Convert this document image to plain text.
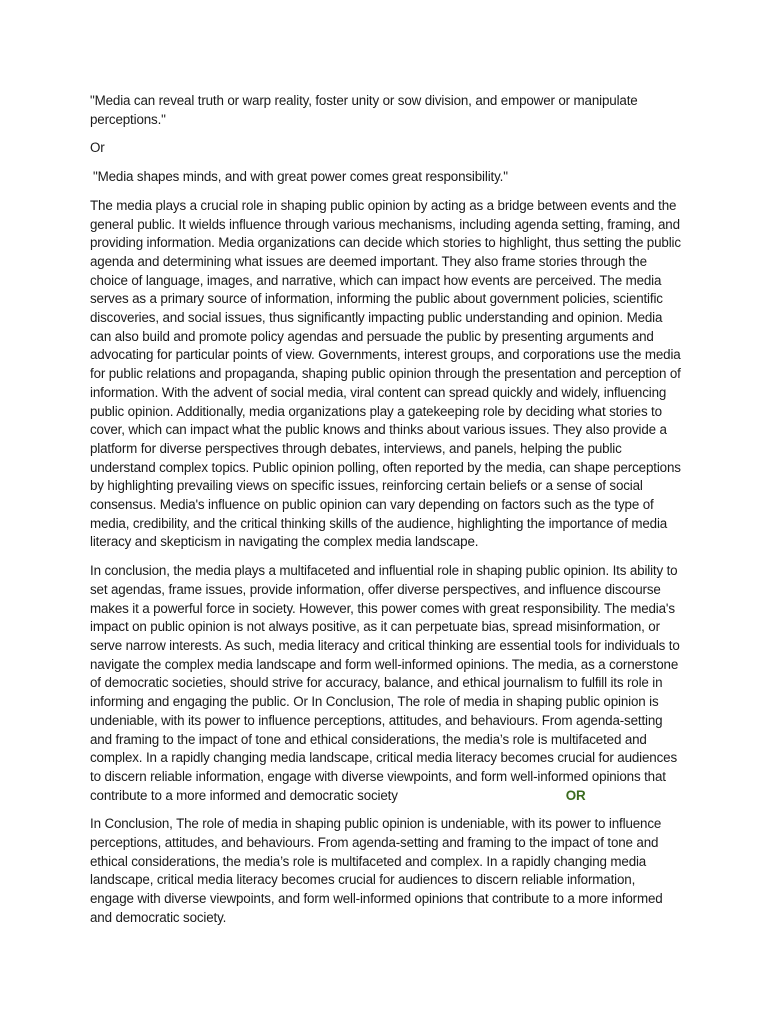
"Media can reveal truth or warp reality, foster unity or sow division, and empower or manipulate perceptions."

Or

"Media shapes minds, and with great power comes great responsibility."

The media plays a crucial role in shaping public opinion by acting as a bridge between events and the general public. It wields influence through various mechanisms, including agenda setting, framing, and providing information. Media organizations can decide which stories to highlight, thus setting the public agenda and determining what issues are deemed important. They also frame stories through the choice of language, images, and narrative, which can impact how events are perceived. The media serves as a primary source of information, informing the public about government policies, scientific discoveries, and social issues, thus significantly impacting public understanding and opinion. Media can also build and promote policy agendas and persuade the public by presenting arguments and advocating for particular points of view. Governments, interest groups, and corporations use the media for public relations and propaganda, shaping public opinion through the presentation and perception of information. With the advent of social media, viral content can spread quickly and widely, influencing public opinion. Additionally, media organizations play a gatekeeping role by deciding what stories to cover, which can impact what the public knows and thinks about various issues. They also provide a platform for diverse perspectives through debates, interviews, and panels, helping the public understand complex topics. Public opinion polling, often reported by the media, can shape perceptions by highlighting prevailing views on specific issues, reinforcing certain beliefs or a sense of social consensus. Media's influence on public opinion can vary depending on factors such as the type of media, credibility, and the critical thinking skills of the audience, highlighting the importance of media literacy and skepticism in navigating the complex media landscape.

In conclusion, the media plays a multifaceted and influential role in shaping public opinion. Its ability to set agendas, frame issues, provide information, offer diverse perspectives, and influence discourse makes it a powerful force in society. However, this power comes with great responsibility. The media's impact on public opinion is not always positive, as it can perpetuate bias, spread misinformation, or serve narrow interests. As such, media literacy and critical thinking are essential tools for individuals to navigate the complex media landscape and form well-informed opinions. The media, as a cornerstone of democratic societies, should strive for accuracy, balance, and ethical journalism to fulfill its role in informing and engaging the public. Or In Conclusion, The role of media in shaping public opinion is undeniable, with its power to influence perceptions, attitudes, and behaviours. From agenda-setting and framing to the impact of tone and ethical considerations, the media’s role is multifaceted and complex. In a rapidly changing media landscape, critical media literacy becomes crucial for audiences to discern reliable information, engage with diverse viewpoints, and form well-informed opinions that contribute to a more informed and democratic society	OR

In Conclusion, The role of media in shaping public opinion is undeniable, with its power to influence perceptions, attitudes, and behaviours. From agenda-setting and framing to the impact of tone and ethical considerations, the media’s role is multifaceted and complex. In a rapidly changing media landscape, critical media literacy becomes crucial for audiences to discern reliable information, engage with diverse viewpoints, and form well-informed opinions that contribute to a more informed and democratic society.
